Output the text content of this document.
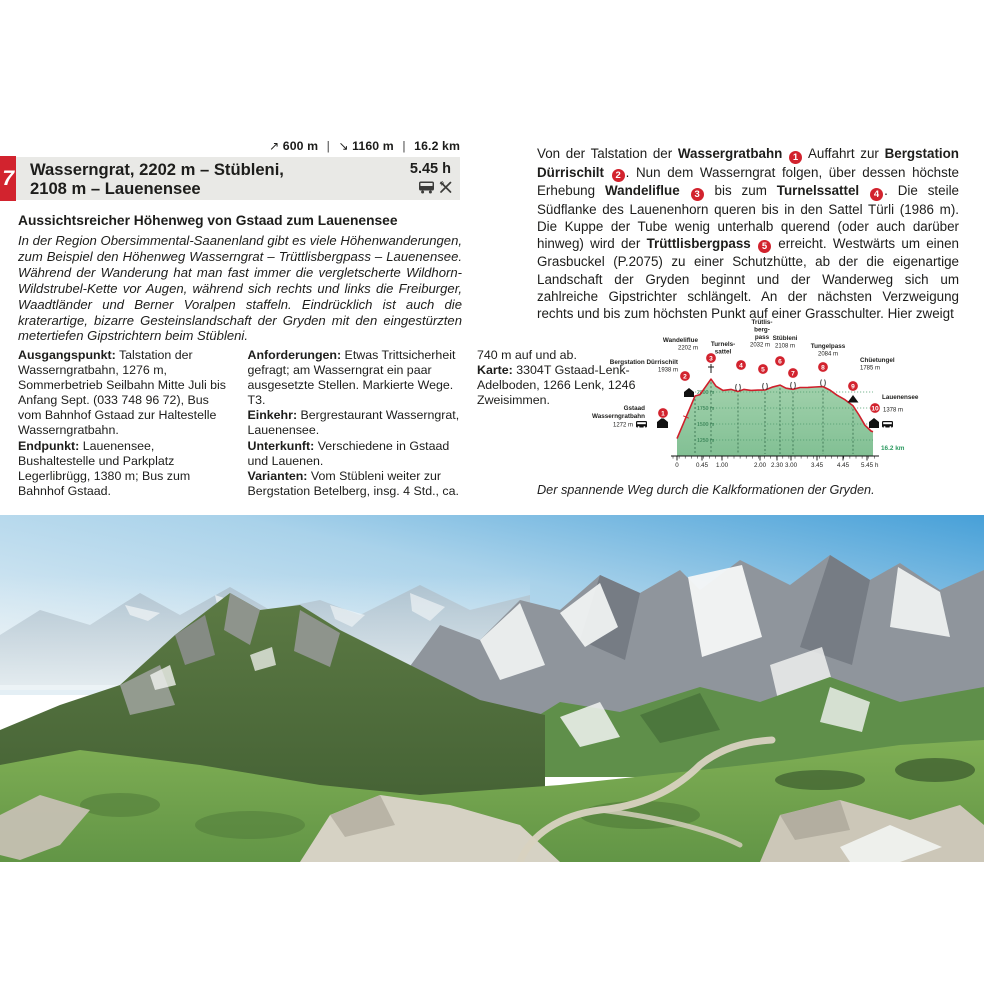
↗ 600 m | ↘ 1160 m | 16.2 km
7 Wasserngrat, 2202 m – Stübleni,
2108 m – Lauenensee
5.45 h
Aussichtsreicher Höhenweg von Gstaad zum Lauenensee
In der Region Obersimmental-Saanenland gibt es viele Höhenwanderungen, zum Beispiel den Höhenweg Wasserngrat – Trüttlisbergpass – Lauenensee. Während der Wanderung hat man fast immer die vergletscherte Wildhorn-Wildstrubel-Kette vor Augen, während sich rechts und links die Freiburger, Waadtländer und Berner Voralpen staffeln. Eindrücklich ist auch die kraterartige, bizarre Gesteinslandschaft der Gryden mit den eingestürzten metertiefen Gipstrichtern beim Stübleni.

Ausgangspunkt: Talstation der Wasserngratbahn, 1276 m, Sommerbetrieb Seilbahn Mitte Juli bis Anfang Sept. (033 748 96 72), Bus vom Bahnhof Gstaad zur Haltestelle Wasserngratbahn.

Endpunkt: Lauenensee, Bushaltestelle und Parkplatz Legerlibrügg, 1380 m; Bus zum Bahnhof Gstaad.

Anforderungen: Etwas Trittsicherheit gefragt; am Wasserngrat ein paar ausgesetzte Stellen. Markierte Wege. T3.

Einkehr: Bergrestaurant Wasserngrat, Lauenensee.

Unterkunft: Verschiedene in Gstaad und Lauenen.

Varianten: Vom Stübleni weiter zur Bergstation Betelberg, insg. 4 Std., ca. 740 m auf und ab.

Karte: 3304T Gstaad-Lenk-Adelboden, 1266 Lenk, 1246 Zweisimmen.

Von der Talstation der Wassergratbahn 1 Auffahrt zur Bergstation Dürrischilt 2 . Nun dem Wasserngrat folgen, über dessen höchste Erhebung Wandeliflue 3 bis zum Turnelssattel 4 . Die steile Südflanke des Lauenenhorn queren bis in den Sattel Türli (1986 m). Die Kuppe der Tube wenig unterhalb querend (oder auch darüber hinweg) wird der Trüttlisbergpass 5 erreicht. Westwärts um einen Grasbuckel (P.2075) zu einer Schutzhütte, ab der die eigenartige Landschaft der Gryden beginnt und der Wanderweg sich um zahlreiche Gipstrichter schlängelt. An der nächsten Verzweigung rechts und bis zum höchsten Punkt auf einer Grasschulter. Hier zweigt

2000 m
1750 m
1500 m
1250 m
0	0.45 1.00	2.00 2.30 3.00 3.45 4.45 5.45 h
Gstaad
Wasserngratbahn
1272 m
Bergstation Dürrischilt
1938 m
Wandeliflue
2202 m
Turnels-
sattel
Trütlis-
berg-
pass
2032 m
Stübleni
2108 m Tungelpass
2084 m
Chüetungel
1785 m
Lauenensee
1378 m
16.2 km
1
2
3
4
5
6
7
8
9
10
Der spannende Weg durch die Kalkformationen der Gryden.
